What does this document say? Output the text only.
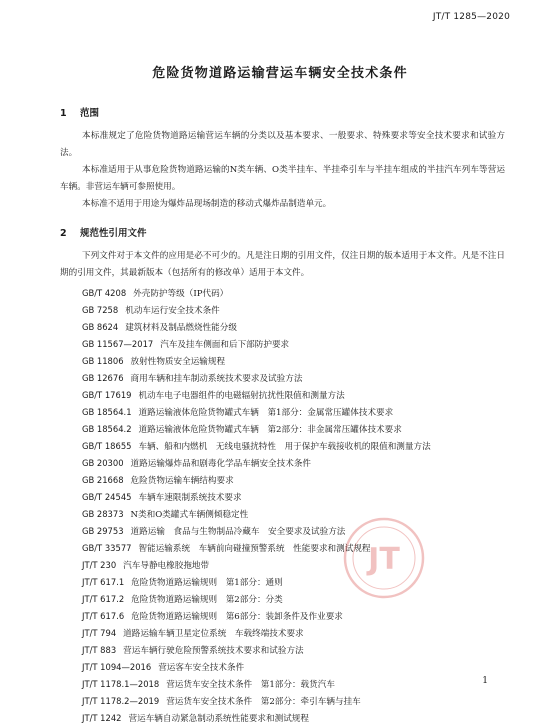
JT/T 1285—2020
危险货物道路运输营运车辆安全技术条件
1 范围
本标准规定了危险货物道路运输营运车辆的分类以及基本要求、一般要求、特殊要求等安全技术要求和试验方法。
本标准适用于从事危险货物道路运输的N类车辆、O类半挂车、半挂牵引车与半挂车组成的半挂汽车列车等营运车辆。非营运车辆可参照使用。
本标准不适用于用途为爆炸品现场制造的移动式爆炸品制造单元。
2 规范性引用文件
下列文件对于本文件的应用是必不可少的。凡是注日期的引用文件，仅注日期的版本适用于本文件。凡是不注日期的引用文件，其最新版本（包括所有的修改单）适用于本文件。
GB/T 4208 外壳防护等级（IP代码）
GB 7258 机动车运行安全技术条件
GB 8624 建筑材料及制品燃烧性能分级
GB 11567—2017 汽车及挂车侧面和后下部防护要求
GB 11806 放射性物质安全运输规程
GB 12676 商用车辆和挂车制动系统技术要求及试验方法
GB/T 17619 机动车电子电器组件的电磁辐射抗扰性限值和测量方法
GB 18564.1 道路运输液体危险货物罐式车辆　第1部分：金属常压罐体技术要求
GB 18564.2 道路运输液体危险货物罐式车辆　第2部分：非金属常压罐体技术要求
GB/T 18655 车辆、船和内燃机　无线电骚扰特性　用于保护车载接收机的限值和测量方法
GB 20300 道路运输爆炸品和剧毒化学品车辆安全技术条件
GB 21668 危险货物运输车辆结构要求
GB/T 24545 车辆车速限制系统技术要求
GB 28373 N类和O类罐式车辆侧倾稳定性
GB 29753 道路运输　食品与生物制品冷藏车　安全要求及试验方法
GB/T 33577 智能运输系统　车辆前向碰撞预警系统　性能要求和测试规程
JT/T 230 汽车导静电橡胶拖地带
JT/T 617.1 危险货物道路运输规则　第1部分：通则
JT/T 617.2 危险货物道路运输规则　第2部分：分类
JT/T 617.6 危险货物道路运输规则　第6部分：装卸条件及作业要求
JT/T 794 道路运输车辆卫星定位系统　车载终端技术要求
JT/T 883 营运车辆行驶危险预警系统技术要求和试验方法
JT/T 1094—2016 营运客车安全技术条件
JT/T 1178.1—2018 营运货车安全技术条件　第1部分：载货汽车
JT/T 1178.2—2019 营运货车安全技术条件　第2部分：牵引车辆与挂车
JT/T 1242 营运车辆自动紧急制动系统性能要求和测试规程
JT
1
